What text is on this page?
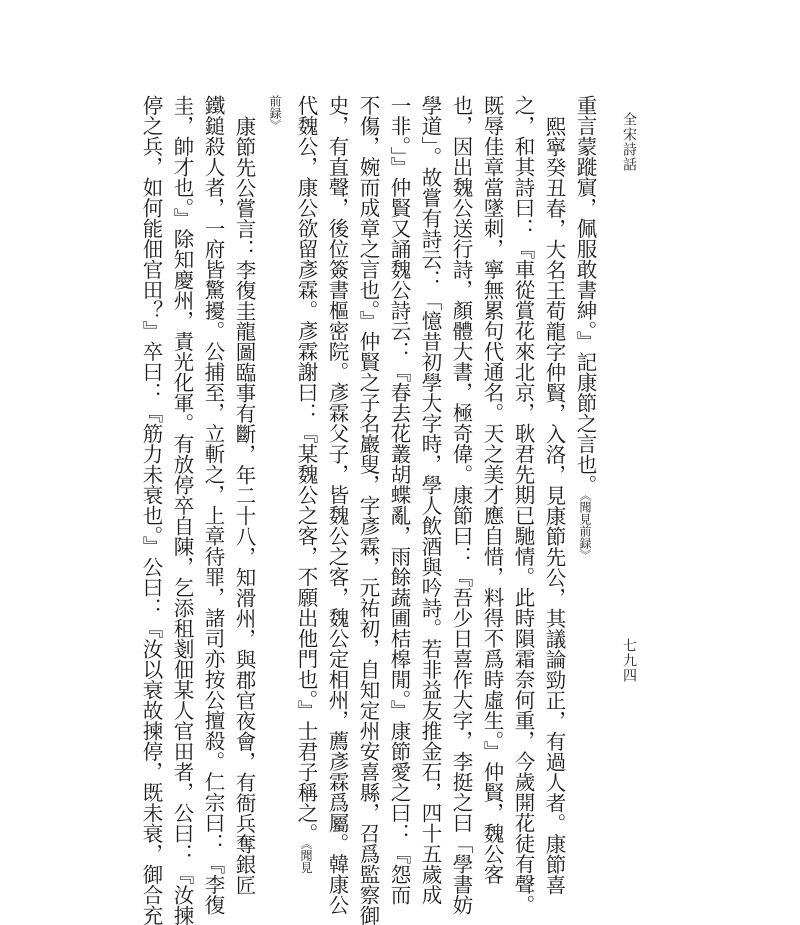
全宋詩話
七九四
重言蒙蹝賔，佩服敢書紳。』記康節之言也。《聞見前録》
熙寧癸丑春，大名王荀龍字仲賢，入洛，見康節先公，其議論勁正，有過人者。康節喜
之，和其詩曰：『車從賞花來北京，耿君先期已馳情。此時隕霜奈何重，今歲開花徒有聲。
既辱佳章當墜刺，寧無累句代通名。天之美才應自惜，料得不爲時虛生。』仲賢，魏公客
也，因出魏公送行詩，顏體大書，極奇偉。康節曰：『吾少日喜作大字，李挺之曰「學書妨
學道」。故嘗有詩云：「憶昔初學大字時，學人飲酒與吟詩。若非益友推金石，四十五歲成
一非。」』仲賢又誦魏公詩云：『春去花叢胡蝶亂，雨餘蔬圃桔槔閒。』康節愛之曰：『怨而
不傷，婉而成章之言也。』仲賢之子名巖叟，字彥霖，元祐初，自知定州安喜縣，召爲監察御
史，有直聲，後位簽書樞密院。彥霖父子，皆魏公之客，魏公定相州，薦彥霖爲屬。韓康公
代魏公，康公欲留彥霖。彥霖謝曰：『某魏公之客，不願出他門也。』士君子稱之。《聞見
前録》
康節先公嘗言：李復圭龍圖臨事有斷，年二十八，知滑州，與郡官夜會，有衙兵奪銀匠
鐵鎚殺人者，一府皆驚擾。公捕至，立斬之，上章待罪，諸司亦按公擅殺。仁宗曰：『李復
圭，帥才也。』除知慶州，責光化軍。有放停卒自陳，乞添租剗佃某人官田者，公曰：『汝揀
停之兵，如何能佃官田？』卒曰：『筋力未衰也。』公曰：『汝以衰故揀停，既未衰，御合充
